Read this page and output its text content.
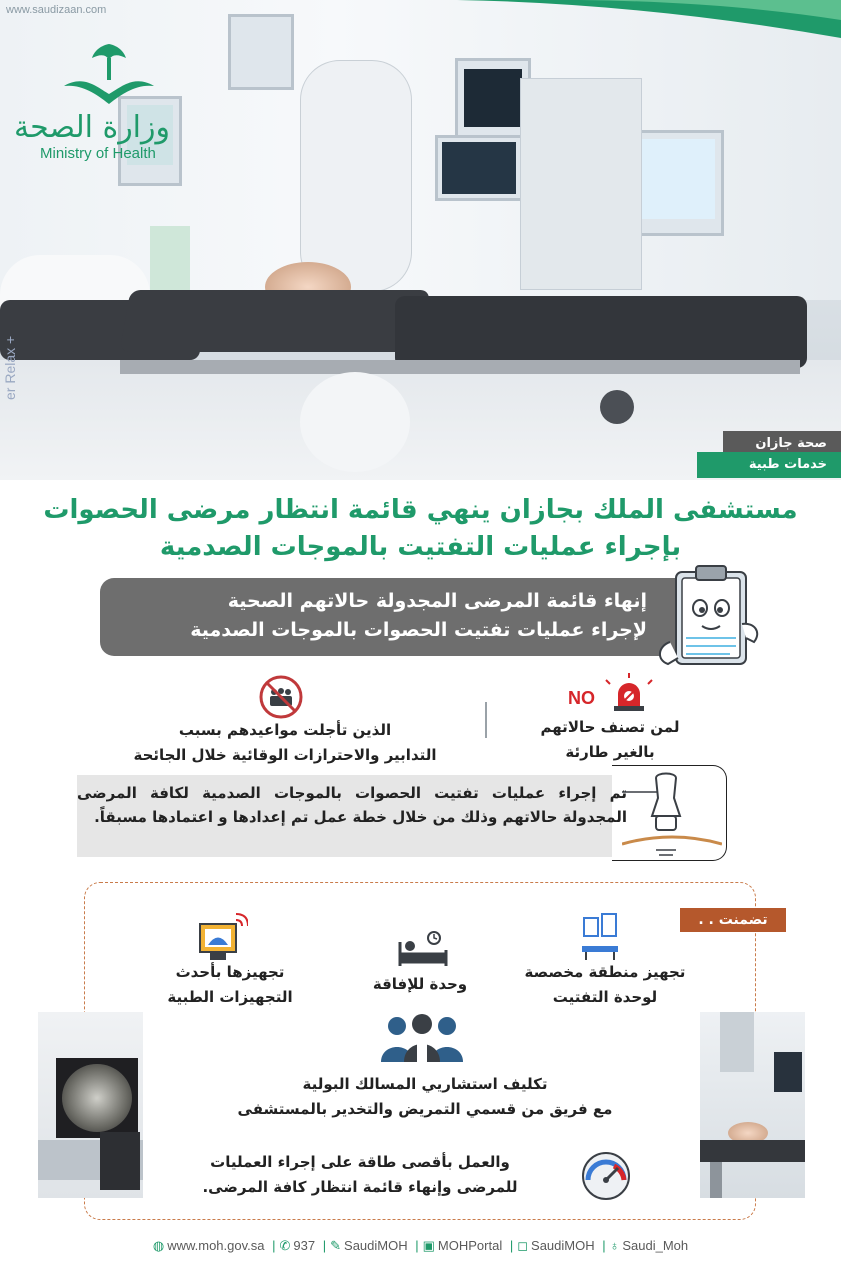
er Relax +
www.saudizaan.com
وزارة الصحة
Ministry of Health
صحة جازان
خدمات طبية
مستشفى الملك بجازان ينهي قائمة انتظار مرضى الحصوات
بإجراء عمليات التفتيت بالموجات الصدمية
إنهاء قائمة المرضى المجدولة حالاتهم الصحية
لإجراء عمليات تفتيت الحصوات بالموجات الصدمية
الذين تأجلت مواعيدهم بسبب
التدابير والاحترازات الوقائية خلال الجائحة
NO
لمن تصنف حالاتهم
بالغير طارئة
تم إجراء عمليات تفتيت الحصوات بالموجات الصدمية لكافة المرضى المجدولة حالاتهم وذلك من خلال خطة عمل تم إعدادها و اعتمادها مسبقاً.
تضمنت . .
تجهيز منطقة مخصصة
لوحدة التفتيت
وحدة للإفاقة
تجهيزها بأحدث
التجهيزات الطبية
تكليف استشاريي المسالك البولية
مع فريق من قسمي التمريض والتخدير بالمستشفى
والعمل بأقصى طاقة على إجراء العمليات
للمرضى وإنهاء قائمة انتظار كافة المرضى.
◍ www.moh.gov.sa | ✆ 937 | ✎ SaudiMOH | ▣ MOHPortal | ◻ SaudiMOH | ♁ Saudi_Moh
